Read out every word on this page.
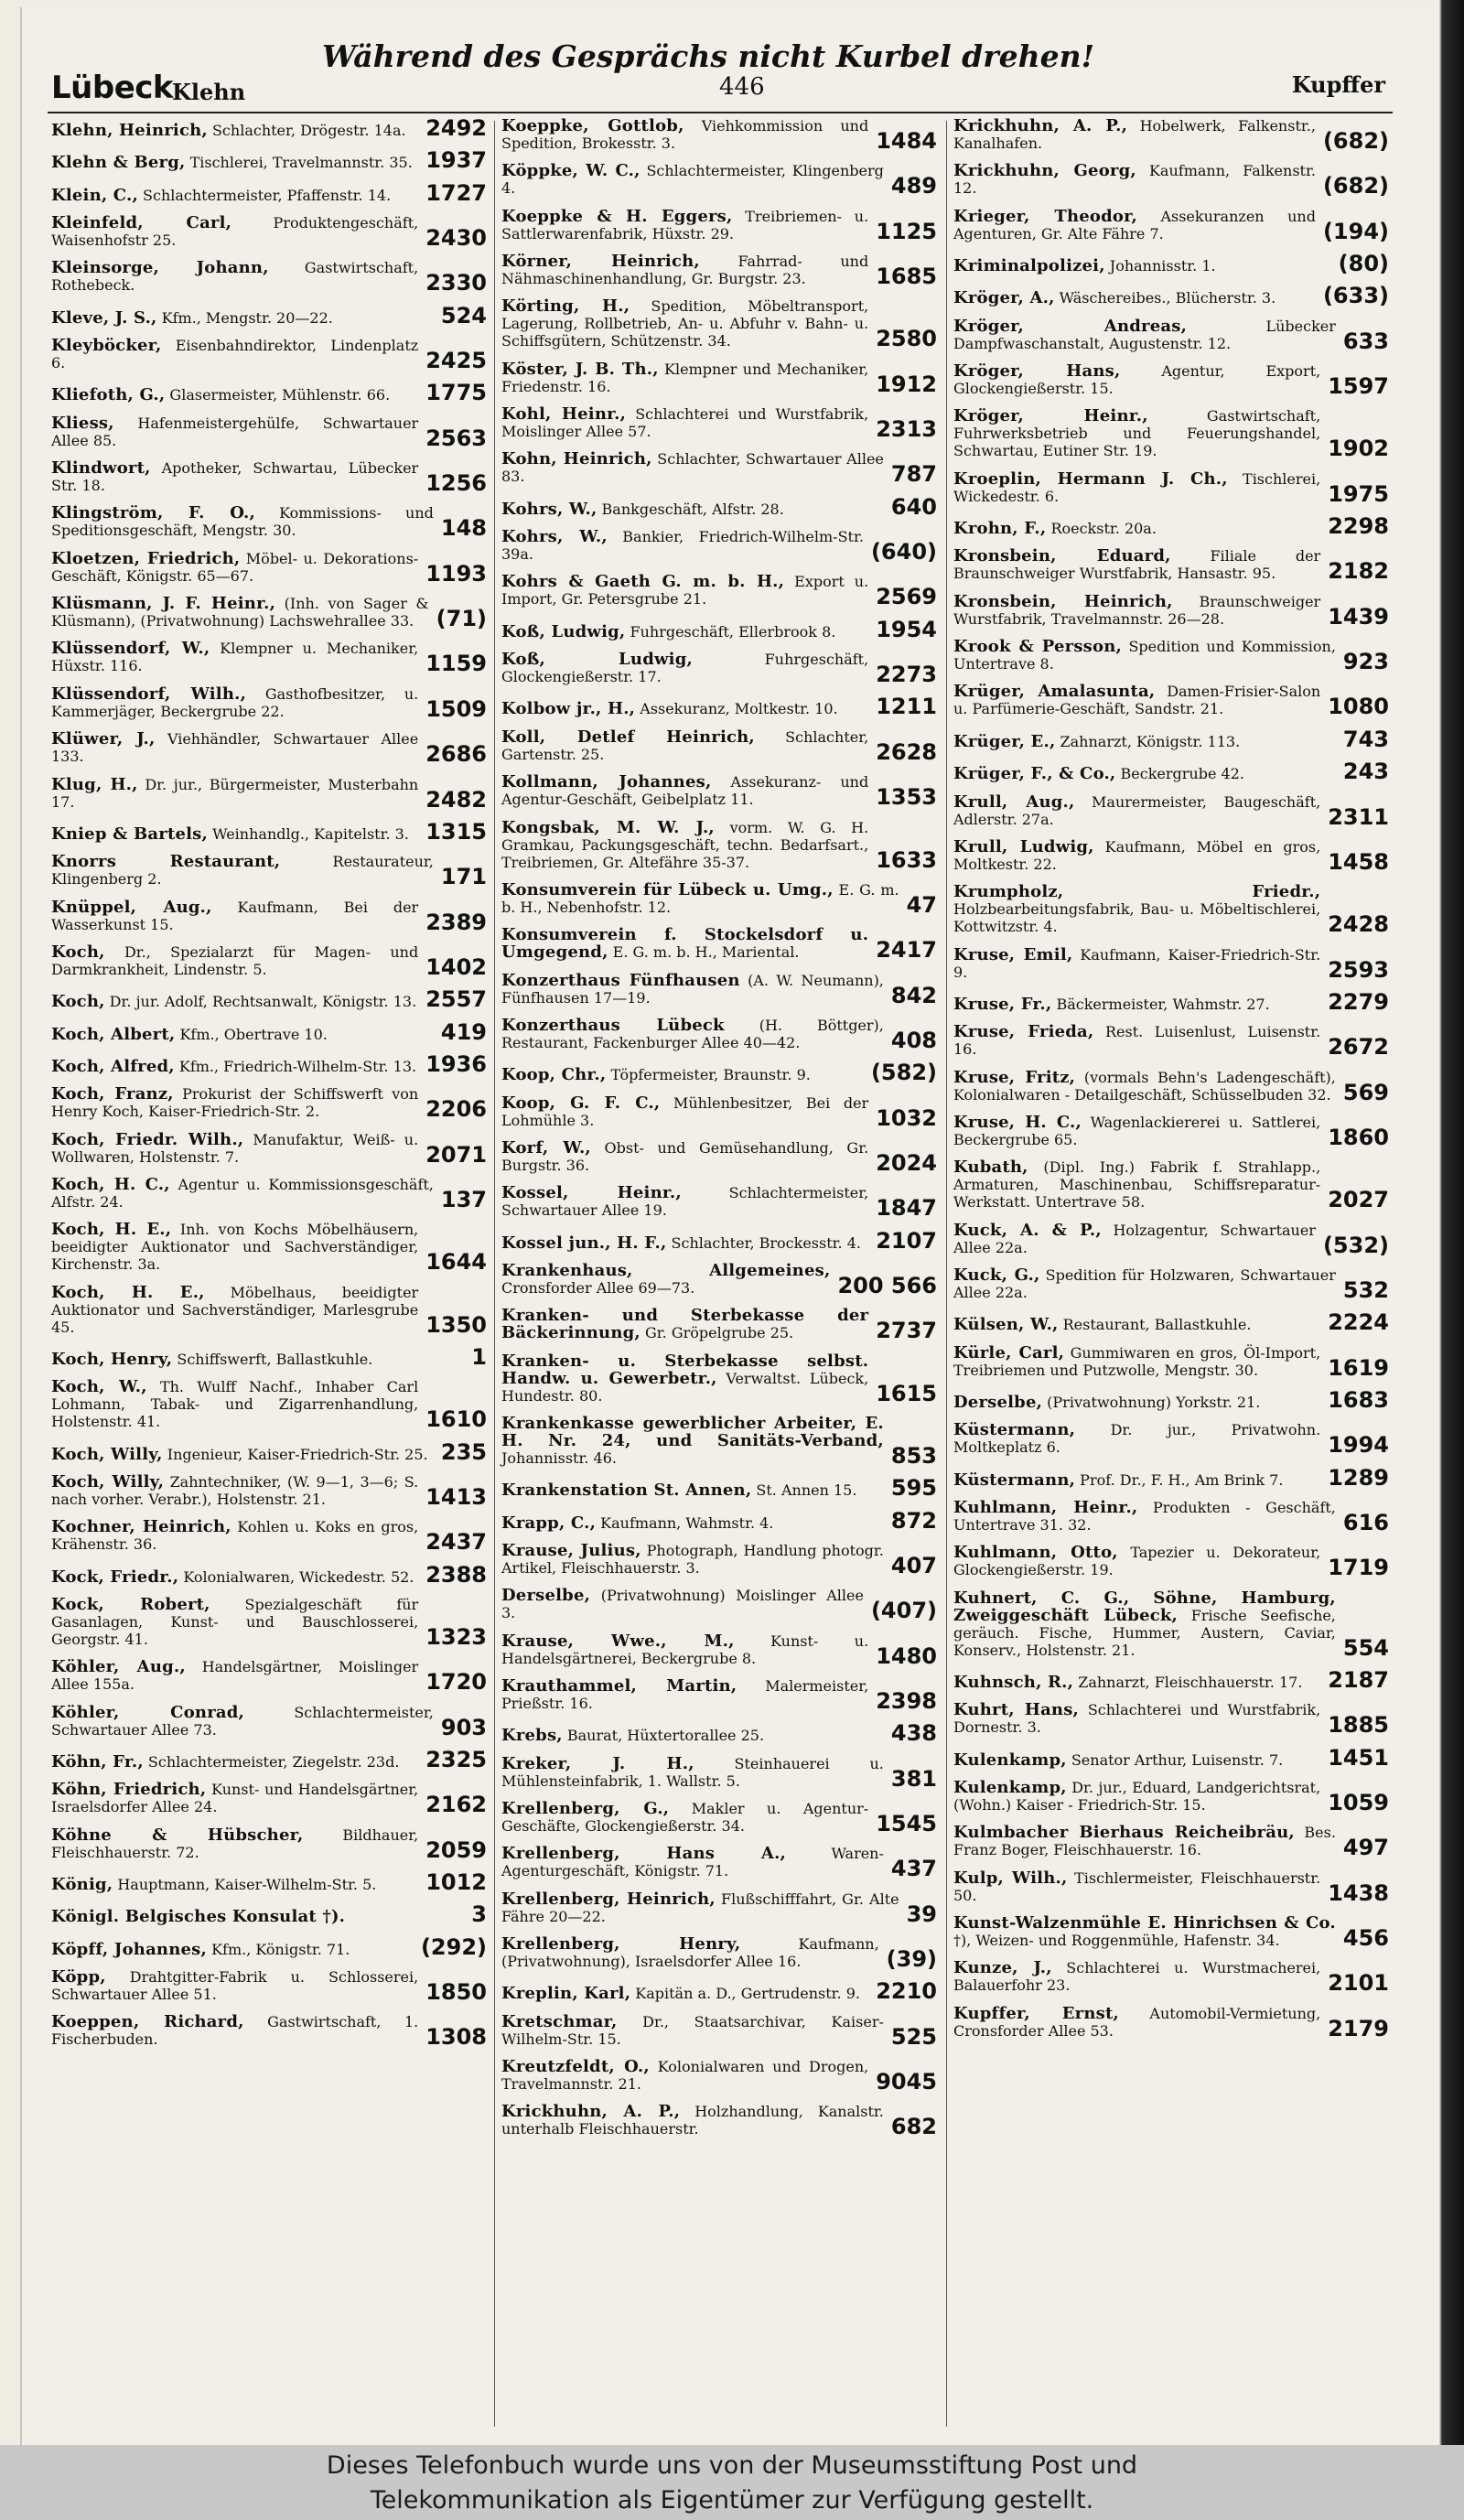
Während des Gesprächs nicht Kurbel drehen!
Lübeck
Klehn	446	Kupffer
Klehn, Heinrich, Schlachter, Drögestr. 14a. 2492
Klehn & Berg, Tischlerei, Travelmannstr. 35. 1937
Klein, C., Schlachtermeister, Pfaffenstr. 14.	1727
Kleinfeld, Carl,	Produktengeschäft, Waisenhofstr 25.	2430
Kleinsorge, Johann, Gastwirtschaft, Rothebeck.	2330
Kleve, J. S., Kfm., Mengstr. 20—22.	524
Kleyböcker, Eisenbahndirektor, Lindenplatz 6.	2425
Kliefoth, G., Glasermeister, Mühlenstr. 66.	1775
Kliess, Hafenmeistergehülfe, Schwartauer Allee 85.	2563
Klindwort, Apotheker, Schwartau, Lübecker Str. 18.	1256
Klingström, F. O., Kommissions- und Speditionsgeschäft, Mengstr. 30.	148
Kloetzen, Friedrich, Möbel- u. Dekorations-Geschäft, Königstr. 65—67.	1193
Klüsmann, J. F. Heinr., (Inh. von Sager & Klüsmann), (Privatwohnung) Lachswehrallee 33.	(71)
Klüssendorf, W., Klempner u. Mechaniker, Hüxstr. 116.	1159
Klüssendorf, Wilh., Gasthofbesitzer, u. Kammerjäger, Beckergrube 22.	1509
Klüwer, J., Viehhändler, Schwartauer Allee 133.	2686
Klug, H., Dr. jur., Bürgermeister, Musterbahn 17.	2482
Kniep & Bartels, Weinhandlg., Kapitelstr. 3. 1315
Knorrs Restaurant,	Restaurateur, Klingenberg 2.	171
Knüppel, Aug., Kaufmann, Bei der Wasserkunst 15.	2389
Koch, Dr., Spezialarzt für Magen- und Darmkrankheit, Lindenstr. 5.	1402
Koch, Dr. jur. Adolf, Rechtsanwalt, Königstr. 13. 2557
Koch, Albert, Kfm., Obertrave 10.	419
Koch, Alfred, Kfm., Friedrich-Wilhelm-Str. 13. 1936
Koch, Franz, Prokurist der Schiffswerft von Henry Koch, Kaiser-Friedrich-Str. 2.	2206
Koch, Friedr. Wilh., Manufaktur, Weiß- u. Wollwaren, Holstenstr. 7.	2071
Koch, H. C., Agentur u. Kommissionsgeschäft, Alfstr. 24.	137
Koch, H. E., Inh. von Kochs Möbelhäusern, beeidigter Auktionator und Sachverständiger, Kirchenstr. 3a.	1644
Koch, H. E., Möbelhaus, beeidigter Auktionator und Sachverständiger, Marlesgrube 45.	1350
Koch, Henry, Schiffswerft, Ballastkuhle.	1
Koch, W., Th. Wulff Nachf., Inhaber Carl Lohmann, Tabak- und Zigarrenhandlung, Holstenstr. 41.	1610
Koch, Willy, Ingenieur, Kaiser-Friedrich-Str. 25. 235
Koch, Willy, Zahntechniker, (W. 9—1, 3—6; S. nach vorher. Verabr.), Holstenstr. 21.	1413
Kochner, Heinrich, Kohlen u. Koks en gros, Krähenstr. 36.	2437
Kock, Friedr., Kolonialwaren, Wickedestr. 52. 2388
Kock, Robert, Spezialgeschäft für Gasanlagen, Kunst- und Bauschlosserei, Georgstr. 41.	1323
Köhler, Aug., Handelsgärtner, Moislinger Allee 155a.	1720
Köhler, Conrad,	Schlachtermeister, Schwartauer Allee 73.	903
Köhn, Fr., Schlachtermeister, Ziegelstr. 23d.	2325
Köhn, Friedrich, Kunst- und Handelsgärtner, Israelsdorfer Allee 24.	2162
Köhne & Hübscher,	Bildhauer, Fleischhauerstr. 72.	2059
König, Hauptmann, Kaiser-Wilhelm-Str. 5.	1012
Königl. Belgisches Konsulat †).	3
Köpff, Johannes, Kfm., Königstr. 71.	(292)
Köpp, Drahtgitter-Fabrik u. Schlosserei, Schwartauer Allee 51.	1850
Koeppen, Richard, Gastwirtschaft, 1. Fischerbuden.	1308
Koeppke, Gottlob, Viehkommission und Spedition, Brokesstr. 3.	1484
Köppke, W. C., Schlachtermeister, Klingenberg 4.	489
Koeppke & H. Eggers, Treibriemen- u. Sattlerwarenfabrik, Hüxstr. 29.	1125
Körner, Heinrich,	Fahrrad- und Nähmaschinenhandlung, Gr. Burgstr. 23.	1685
Körting, H., Spedition, Möbeltransport, Lagerung, Rollbetrieb, An- u. Abfuhr v. Bahn- u. Schiffsgütern, Schützenstr. 34.	2580
Köster, J. B. Th., Klempner und Mechaniker, Friedenstr. 16.	1912
Kohl, Heinr., Schlachterei und Wurstfabrik, Moislinger Allee 57.	2313
Kohn, Heinrich, Schlachter, Schwartauer Allee 83.	787
Kohrs, W., Bankgeschäft, Alfstr. 28.	640
Kohrs, W., Bankier, Friedrich-Wilhelm-Str. 39a.	(640)
Kohrs & Gaeth G. m. b. H., Export u. Import, Gr. Petersgrube 21.	2569
Koß, Ludwig, Fuhrgeschäft, Ellerbrook 8.	1954
Koß, Ludwig,	Fuhrgeschäft, Glockengießerstr. 17.	2273
Kolbow jr., H., Assekuranz, Moltkestr. 10.	1211
Koll, Detlef Heinrich, Schlachter, Gartenstr. 25.	2628
Kollmann, Johannes, Assekuranz- und Agentur-Geschäft, Geibelplatz 11.	1353
Kongsbak, M. W. J., vorm. W. G. H. Gramkau, Packungsgeschäft, techn. Bedarfsart., Treibriemen, Gr. Altefähre 35-37.	1633
Konsumverein für Lübeck u. Umg., E. G. m. b. H., Nebenhofstr. 12.	47
Konsumverein f. Stockelsdorf u. Umgegend, E. G. m. b. H., Mariental.	2417
Konzerthaus Fünfhausen (A. W. Neumann), Fünfhausen 17—19.	842
Konzerthaus Lübeck (H. Böttger), Restaurant, Fackenburger Allee 40—42.	408
Koop, Chr., Töpfermeister, Braunstr. 9.	(582)
Koop, G. F. C., Mühlenbesitzer, Bei der Lohmühle 3.	1032
Korf, W., Obst- und Gemüsehandlung, Gr. Burgstr. 36.	2024
Kossel, Heinr.,	Schlachtermeister, Schwartauer Allee 19.	1847
Kossel jun., H. F., Schlachter, Brockesstr. 4. 2107
Krankenhaus, Allgemeines, Cronsforder Allee 69—73.	200 566
Kranken- und Sterbekasse der Bäckerinnung, Gr. Gröpelgrube 25.	2737
Kranken- u. Sterbekasse selbst. Handw. u. Gewerbetr., Verwaltst. Lübeck, Hundestr. 80.	1615
Krankenkasse gewerblicher Arbeiter, E. H. Nr. 24, und Sanitäts-Verband, Johannisstr. 46.	853
Krankenstation St. Annen, St. Annen 15.	595
Krapp, C., Kaufmann, Wahmstr. 4.	872
Krause, Julius, Photograph, Handlung photogr. Artikel, Fleischhauerstr. 3.	407
Derselbe, (Privatwohnung) Moislinger Allee 3.	(407)
Krause, Wwe., M., Kunst- u. Handelsgärtnerei, Beckergrube 8.	1480
Krauthammel, Martin, Malermeister, Prießstr. 16.	2398
Krebs, Baurat, Hüxtertorallee 25.	438
Kreker, J. H.,	Steinhauerei u. Mühlensteinfabrik, 1. Wallstr. 5.	381
Krellenberg, G., Makler u. Agentur-Geschäfte, Glockengießerstr. 34.	1545
Krellenberg, Hans A.,	Waren-Agenturgeschäft, Königstr. 71.	437
Krellenberg, Heinrich, Flußschifffahrt, Gr. Alte Fähre 20—22.	39
Krellenberg, Henry,	Kaufmann, (Privatwohnung), Israelsdorfer Allee 16.	(39)
Kreplin, Karl, Kapitän a. D., Gertrudenstr. 9. 2210
Kretschmar, Dr., Staatsarchivar, Kaiser-Wilhelm-Str. 15.	525
Kreutzfeldt, O., Kolonialwaren und Drogen, Travelmannstr. 21.	9045
Krickhuhn, A. P., Holzhandlung, Kanalstr. unterhalb Fleischhauerstr.	682
Krickhuhn, A. P., Hobelwerk, Falkenstr., Kanalhafen.	(682)
Krickhuhn, Georg, Kaufmann, Falkenstr. 12.	(682)
Krieger, Theodor, Assekuranzen und Agenturen, Gr. Alte Fähre 7.	(194)
Kriminalpolizei, Johannisstr. 1.	(80)
Kröger, A., Wäschereibes., Blücherstr. 3.	(633)
Kröger, Andreas,	Lübecker Dampfwaschanstalt, Augustenstr. 12.	633
Kröger, Hans,	Agentur, Export, Glockengießerstr. 15.	1597
Kröger, Heinr.,	Gastwirtschaft, Fuhrwerksbetrieb und Feuerungshandel, Schwartau, Eutiner Str. 19.	1902
Kroeplin, Hermann J. Ch., Tischlerei, Wickedestr. 6.	1975
Krohn, F., Roeckstr. 20a.	2298
Kronsbein, Eduard,	Filiale der Braunschweiger Wurstfabrik, Hansastr. 95.	2182
Kronsbein, Heinrich, Braunschweiger Wurstfabrik, Travelmannstr. 26—28.	1439
Krook & Persson, Spedition und Kommission, Untertrave 8.	923
Krüger, Amalasunta, Damen-Frisier-Salon u. Parfümerie-Geschäft, Sandstr. 21.	1080
Krüger, E., Zahnarzt, Königstr. 113.	743
Krüger, F., & Co., Beckergrube 42.	243
Krull, Aug., Maurermeister, Baugeschäft, Adlerstr. 27a.	2311
Krull, Ludwig, Kaufmann, Möbel en gros, Moltkestr. 22.	1458
Krumpholz, Friedr., Holzbearbeitungsfabrik, Bau- u. Möbeltischlerei, Kottwitzstr. 4.	2428
Kruse, Emil, Kaufmann, Kaiser-Friedrich-Str. 9.	2593
Kruse, Fr., Bäckermeister, Wahmstr. 27.	2279
Kruse, Frieda, Rest. Luisenlust, Luisenstr. 16.	2672
Kruse, Fritz, (vormals Behn's Ladengeschäft), Kolonialwaren - Detailgeschäft, Schüsselbuden 32. 569
Kruse, H. C., Wagenlackiererei u. Sattlerei, Beckergrube 65.	1860
Kubath, (Dipl. Ing.) Fabrik f. Strahlapp., Armaturen, Maschinenbau, Schiffsreparatur-Werkstatt. Untertrave 58.	2027
Kuck, A. & P., Holzagentur, Schwartauer Allee 22a.	(532)
Kuck, G., Spedition für Holzwaren, Schwartauer Allee 22a.	532
Külsen, W., Restaurant, Ballastkuhle.	2224
Kürle, Carl, Gummiwaren en gros, Öl-Import, Treibriemen und Putzwolle, Mengstr. 30.	1619
Derselbe, (Privatwohnung) Yorkstr. 21.	1683
Küstermann, Dr. jur., Privatwohn. Moltkeplatz 6.	1994
Küstermann, Prof. Dr., F. H., Am Brink 7.	1289
Kuhlmann, Heinr., Produkten - Geschäft, Untertrave 31. 32.	616
Kuhlmann, Otto, Tapezier u. Dekorateur, Glockengießerstr. 19.	1719
Kuhnert, C. G., Söhne, Hamburg, Zweiggeschäft Lübeck, Frische Seefische, geräuch. Fische, Hummer, Austern, Caviar, Konserv., Holstenstr. 21.	554
Kuhnsch, R., Zahnarzt, Fleischhauerstr. 17.	2187
Kuhrt, Hans, Schlachterei und Wurstfabrik, Dornestr. 3.	1885
Kulenkamp, Senator Arthur, Luisenstr. 7.	1451
Kulenkamp, Dr. jur., Eduard, Landgerichtsrat, (Wohn.) Kaiser - Friedrich-Str. 15.	1059
Kulmbacher Bierhaus Reicheibräu, Bes. Franz Boger, Fleischhauerstr. 16.	497
Kulp, Wilh., Tischlermeister, Fleischhauerstr. 50.	1438
Kunst-Walzenmühle E. Hinrichsen & Co. †), Weizen- und Roggenmühle, Hafenstr. 34.	456
Kunze, J., Schlachterei u. Wurstmacherei, Balauerfohr 23.	2101
Kupffer, Ernst, Automobil-Vermietung, Cronsforder Allee 53.	2179
Dieses Telefonbuch wurde uns von der Museumsstiftung Post und
Telekommunikation als Eigentümer zur Verfügung gestellt.
